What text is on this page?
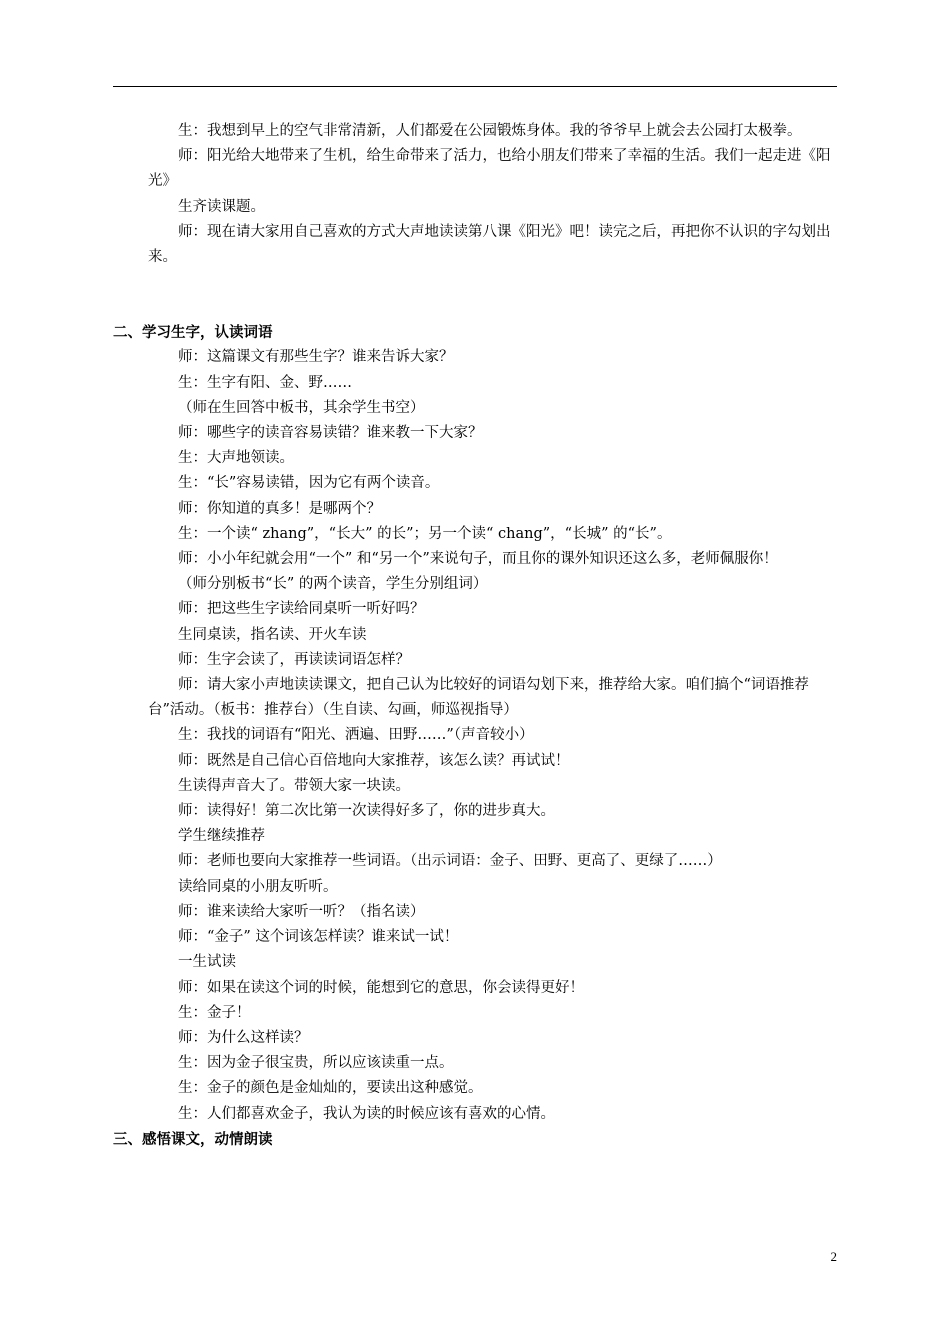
生：我想到早上的空气非常清新，人们都爱在公园锻炼身体。我的爷爷早上就会去公园打太极拳。

师：阳光给大地带来了生机，给生命带来了活力，也给小朋友们带来了幸福的生活。我们一起走进《阳光》

生齐读课题。

师：现在请大家用自己喜欢的方式大声地读读第八课《阳光》吧！读完之后，再把你不认识的字勾划出来。

二、学习生字，认读词语

师：这篇课文有那些生字？谁来告诉大家？

生：生字有阳、金、野……

（师在生回答中板书，其余学生书空）

师：哪些字的读音容易读错？谁来教一下大家？

生：大声地领读。

生：“长”容易读错，因为它有两个读音。

师：你知道的真多！是哪两个？

生：一个读“ zhang”，“长大” 的长”；另一个读“ chang”，“长城” 的“长”。

师：小小年纪就会用“一个” 和“另一个”来说句子，而且你的课外知识还这么多，老师佩服你！

（师分别板书“长” 的两个读音，学生分别组词）

师：把这些生字读给同桌听一听好吗？

生同桌读，指名读、开火车读

师：生字会读了，再读读词语怎样？

师：请大家小声地读读课文，把自己认为比较好的词语勾划下来，推荐给大家。咱们搞个“词语推荐台”活动。（板书：推荐台）（生自读、勾画，师巡视指导）

生：我找的词语有“阳光、洒遍、田野……”（声音较小）

师：既然是自己信心百倍地向大家推荐，该怎么读？再试试！

生读得声音大了。带领大家一块读。

师：读得好！第二次比第一次读得好多了，你的进步真大。

学生继续推荐

师：老师也要向大家推荐一些词语。（出示词语：金子、田野、更高了、更绿了……）

读给同桌的小朋友听听。

师：谁来读给大家听一听？（指名读）

师：“金子” 这个词该怎样读？谁来试一试！

一生试读

师：如果在读这个词的时候，能想到它的意思，你会读得更好！

生：金子！

师：为什么这样读？

生：因为金子很宝贵，所以应该读重一点。

生：金子的颜色是金灿灿的，要读出这种感觉。

生：人们都喜欢金子，我认为读的时候应该有喜欢的心情。

三、感悟课文，动情朗读

2
